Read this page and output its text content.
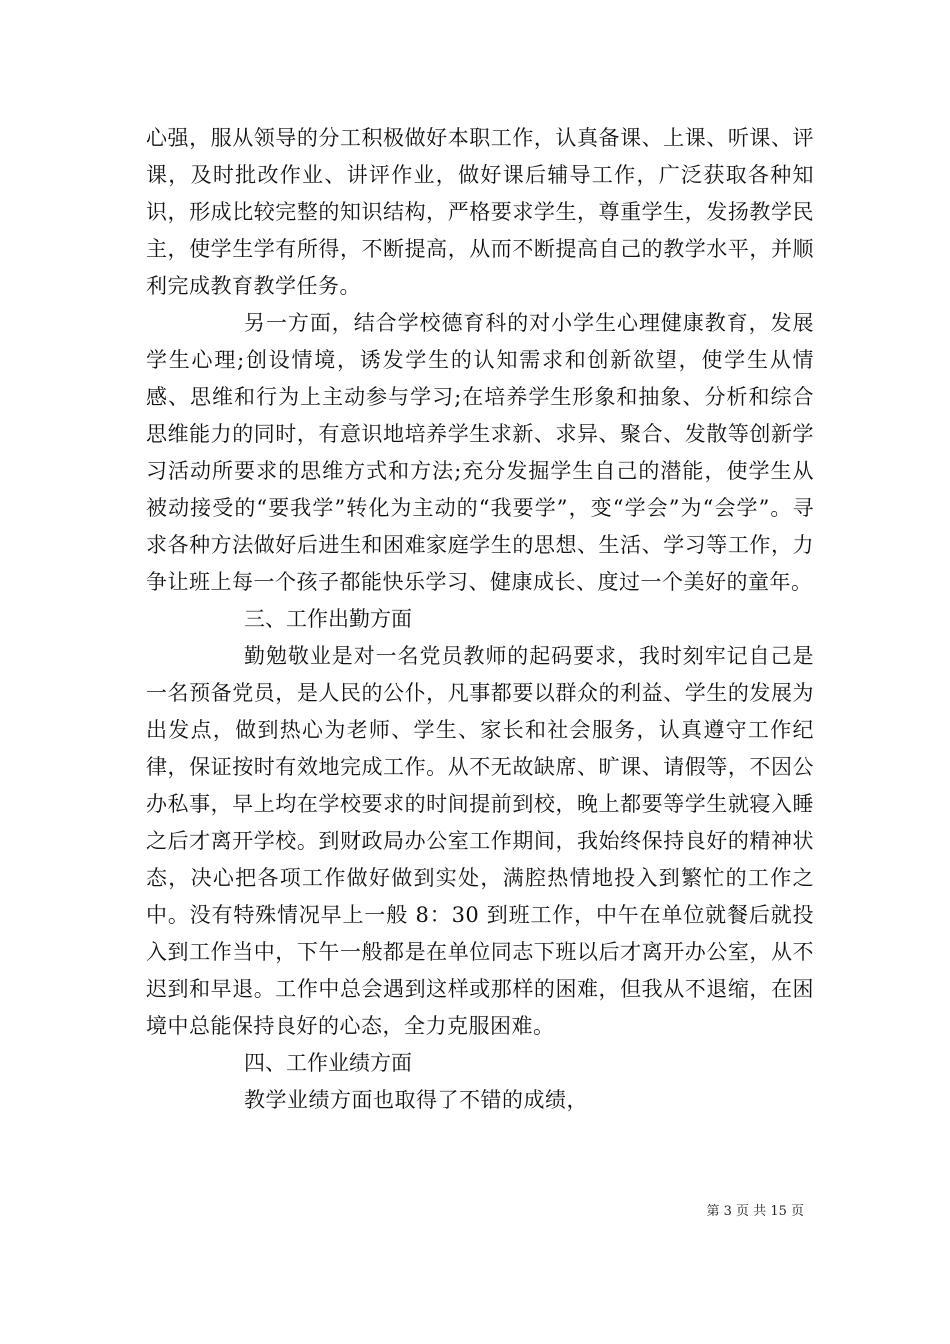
心强，服从领导的分工积极做好本职工作，认真备课、上课、听课、评课，及时批改作业、讲评作业，做好课后辅导工作，广泛获取各种知识，形成比较完整的知识结构，严格要求学生，尊重学生，发扬教学民主，使学生学有所得，不断提高，从而不断提高自己的教学水平，并顺利完成教育教学任务。

另一方面，结合学校德育科的对小学生心理健康教育，发展学生心理;创设情境，诱发学生的认知需求和创新欲望，使学生从情感、思维和行为上主动参与学习;在培养学生形象和抽象、分析和综合思维能力的同时，有意识地培养学生求新、求异、聚合、发散等创新学习活动所要求的思维方式和方法;充分发掘学生自己的潜能，使学生从被动接受的“要我学”转化为主动的“我要学”，变“学会”为“会学”。寻求各种方法做好后进生和困难家庭学生的思想、生活、学习等工作，力争让班上每一个孩子都能快乐学习、健康成长、度过一个美好的童年。

三、工作出勤方面

勤勉敬业是对一名党员教师的起码要求，我时刻牢记自己是一名预备党员，是人民的公仆，凡事都要以群众的利益、学生的发展为出发点，做到热心为老师、学生、家长和社会服务，认真遵守工作纪律，保证按时有效地完成工作。从不无故缺席、旷课、请假等，不因公办私事，早上均在学校要求的时间提前到校，晚上都要等学生就寝入睡之后才离开学校。到财政局办公室工作期间，我始终保持良好的精神状态，决心把各项工作做好做到实处，满腔热情地投入到繁忙的工作之中。没有特殊情况早上一般 8：30 到班工作，中午在单位就餐后就投入到工作当中，下午一般都是在单位同志下班以后才离开办公室，从不迟到和早退。工作中总会遇到这样或那样的困难，但我从不退缩，在困境中总能保持良好的心态，全力克服困难。

四、工作业绩方面

教学业绩方面也取得了不错的成绩，

第 3 页 共 15 页
